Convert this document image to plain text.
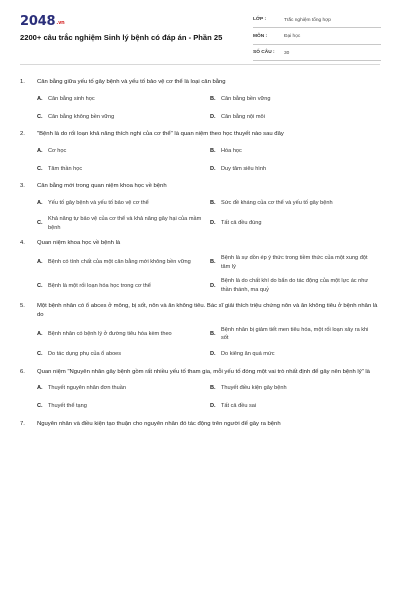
2048.vn
2200+ câu trắc nghiệm Sinh lý bệnh có đáp án - Phần 25
LỚP :	Trắc nghiệm tổng hợp
MÔN :	Đại học
SỐ CÂU : 30
1.	Cân bằng giữa yếu tố gây bệnh và yếu tố bảo vệ cơ thể là loại cân bằng
A. Cân bằng sinh học	B. Cân bằng bền vững
C. Cân bằng không bền vững	D. Cân bằng nội môi
2.	"Bệnh là do rối loạn khả năng thích nghi của cơ thể" là quan niệm theo học thuyết nào sau đây
A. Cơ học	B. Hóa học
C. Tâm thần học	D. Duy tâm siêu hình
3.	Cân bằng mới trong quan niệm khoa học về bệnh
A. Yếu tố gây bệnh và yếu tố bảo vệ cơ thể	B. Sức đề kháng của cơ thể và yếu tố gây bệnh
C.
Khả năng tự bảo vệ của cơ thể và khả năng gây hại của mầm bệnh
D. Tất cả đều đúng
4.	Quan niệm khoa học về bệnh là
A. Bệnh có tính chất của một cân bằng mới không bền vững	B.
Bệnh là sự dồn ép ý thức trong tiềm thức của một xung đột tâm lý
C. Bệnh là một rối loạn hóa học trong cơ thể	D.
Bệnh là do chất khí do bẩn do tác động của một lực ác như thần thánh, ma quỷ
5.	Một bệnh nhân có ổ abces ở mông, bị sốt, nôn và ăn không tiêu. Bác sĩ giải thích triệu chứng nôn và ăn không tiêu ở bệnh nhân là do
A. Bệnh nhân có bệnh lý ở đường tiêu hóa kèm theo	B.
Bệnh nhân bị giảm tiết men tiêu hóa, một rối loạn xảy ra khi sốt
C. Do tác dụng phụ của ổ aboes	D. Do kiêng ăn quá mức
6.	Quan niệm "Nguyên nhân gây bệnh gồm rất nhiều yếu tố tham gia, mỗi yếu tố đóng một vai trò nhất định để gây nên bệnh lý" là
A. Thuyết nguyên nhân đơn thuần	B. Thuyết điều kiện gây bệnh
C. Thuyết thể tạng	D. Tất cả đều sai
7.	Nguyên nhân và điều kiện tạo thuận cho nguyên nhân đó tác động trên người để gây ra bệnh
